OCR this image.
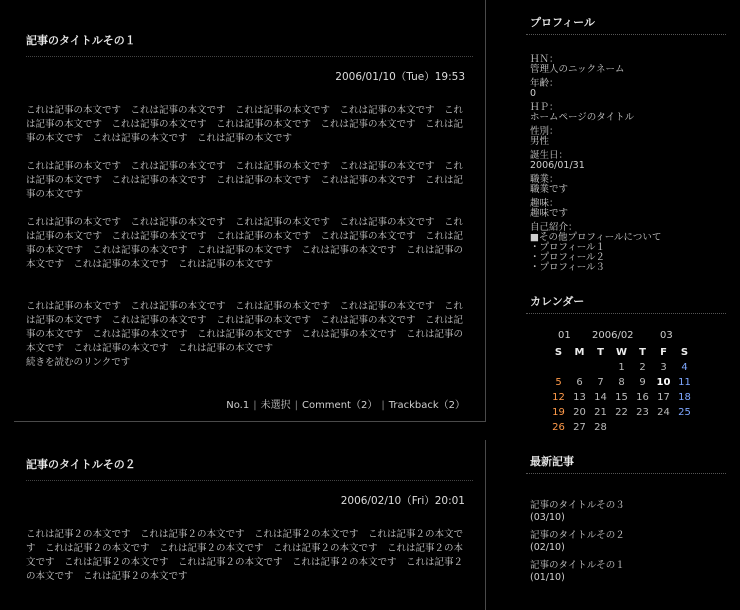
記事のタイトルその１
2006/01/10（Tue）19:53

これは記事の本文です　これは記事の本文です　これは記事の本文です　これは記事の本文です　これは記事の本文です　これは記事の本文です　これは記事の本文です　これは記事の本文です　これは記事の本文です　これは記事の本文です　これは記事の本文です

これは記事の本文です　これは記事の本文です　これは記事の本文です　これは記事の本文です　これは記事の本文です　これは記事の本文です　これは記事の本文です　これは記事の本文です　これは記事の本文です

これは記事の本文です　これは記事の本文です　これは記事の本文です　これは記事の本文です　これは記事の本文です　これは記事の本文です　これは記事の本文です　これは記事の本文です　これは記事の本文です　これは記事の本文です　これは記事の本文です　これは記事の本文です　これは記事の本文です　これは記事の本文です　これは記事の本文です

これは記事の本文です　これは記事の本文です　これは記事の本文です　これは記事の本文です　これは記事の本文です　これは記事の本文です　これは記事の本文です　これは記事の本文です　これは記事の本文です　これは記事の本文です　これは記事の本文です　これは記事の本文です　これは記事の本文です　これは記事の本文です　これは記事の本文です

続きを読むのリンクです
No.1 | 未選択 | Comment（2） | Trackback（2）
記事のタイトルその２
2006/02/10（Fri）20:01

これは記事２の本文です　これは記事２の本文です　これは記事２の本文です　これは記事２の本文です　これは記事２の本文です　これは記事２の本文です　これは記事２の本文です　これは記事２の本文です　これは記事２の本文です　これは記事２の本文です　これは記事２の本文です　これは記事２の本文です　これは記事２の本文です

プロフィール
ＨＮ：
管理人のニックネーム
年齢：
0
ＨＰ：
ホームページのタイトル
性別：
男性
誕生日：
2006/01/31
職業：
職業です
趣味：
趣味です
自己紹介：
■その他プロフィールについて
・プロフィール１
・プロフィール２
・プロフィール３
カレンダー
01	2006/02	03
S	M	T	W	T	F	S
			1	2	3	4
5	6	7	8	9	10	11
12	13	14	15	16	17	18
19	20	21	22	23	24	25
26	27	28				
最新記事
記事のタイトルその３
(03/10)
記事のタイトルその２
(02/10)
記事のタイトルその１
(01/10)
